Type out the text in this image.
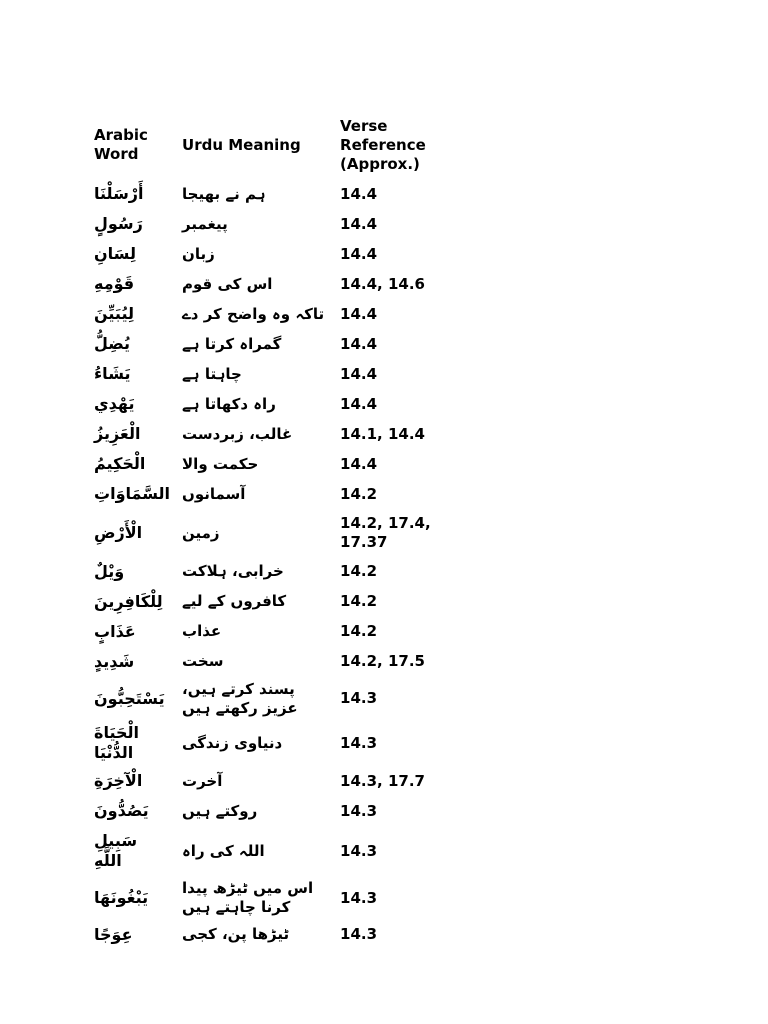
Arabic Word	Urdu Meaning	Verse Reference (Approx.)
أَرْسَلْنَا	ہم نے بھیجا	14.4
رَسُولٍ	پیغمبر	14.4
لِسَانِ	زبان	14.4
قَوْمِهِ	اس کی قوم	14.4, 14.6
لِيُبَيِّنَ	تاکہ وہ واضح کر دے	14.4
يُضِلُّ	گمراہ کرتا ہے	14.4
يَشَاءُ	چاہتا ہے	14.4
يَهْدِي	راہ دکھاتا ہے	14.4
الْعَزِيزُ	غالب، زبردست	14.1, 14.4
الْحَكِيمُ	حکمت والا	14.4
السَّمَاوَاتِ	آسمانوں	14.2
الْأَرْضِ	زمین	14.2, 17.4, 17.37
وَيْلٌ	خرابی، ہلاکت	14.2
لِلْكَافِرِينَ	کافروں کے لیے	14.2
عَذَابٍ	عذاب	14.2
شَدِيدٍ	سخت	14.2, 17.5
يَسْتَحِبُّونَ	پسند کرتے ہیں، عزیز رکھتے ہیں	14.3
الْحَيَاةَ الدُّنْيَا	دنیاوی زندگی	14.3
الْآخِرَةِ	آخرت	14.3, 17.7
يَصُدُّونَ	روکتے ہیں	14.3
سَبِيلِ اللَّهِ	اللہ کی راہ	14.3
يَبْغُونَهَا	اس میں ٹیڑھ پیدا کرنا چاہتے ہیں	14.3
عِوَجًا	ٹیڑھا پن، کجی	14.3
